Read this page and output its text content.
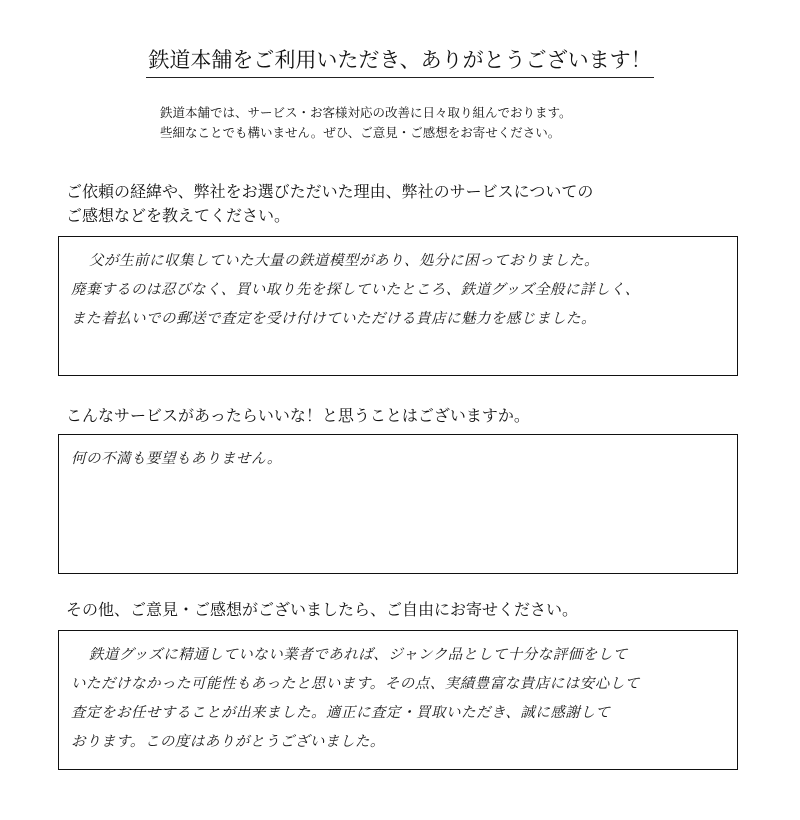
鉄道本舗をご利用いただき、ありがとうございます！
鉄道本舗では、サービス・お客様対応の改善に日々取り組んでおります。
些細なことでも構いません。ぜひ、ご意見・ご感想をお寄せください。
ご依頼の経緯や、弊社をお選びただいた理由、弊社のサービスについての
ご感想などを教えてください。
父が生前に収集していた大量の鉄道模型があり、処分に困っておりました。
廃棄するのは忍びなく、買い取り先を探していたところ、鉄道グッズ全般に詳しく、
また着払いでの郵送で査定を受け付けていただける貴店に魅力を感じました。
こんなサービスがあったらいいな！と思うことはございますか。
何の不満も要望もありません。
その他、ご意見・ご感想がございましたら、ご自由にお寄せください。
鉄道グッズに精通していない業者であれば、ジャンク品として十分な評価をして
いただけなかった可能性もあったと思います。その点、実績豊富な貴店には安心して
査定をお任せすることが出来ました。適正に査定・買取いただき、誠に感謝して
おります。この度はありがとうございました。
